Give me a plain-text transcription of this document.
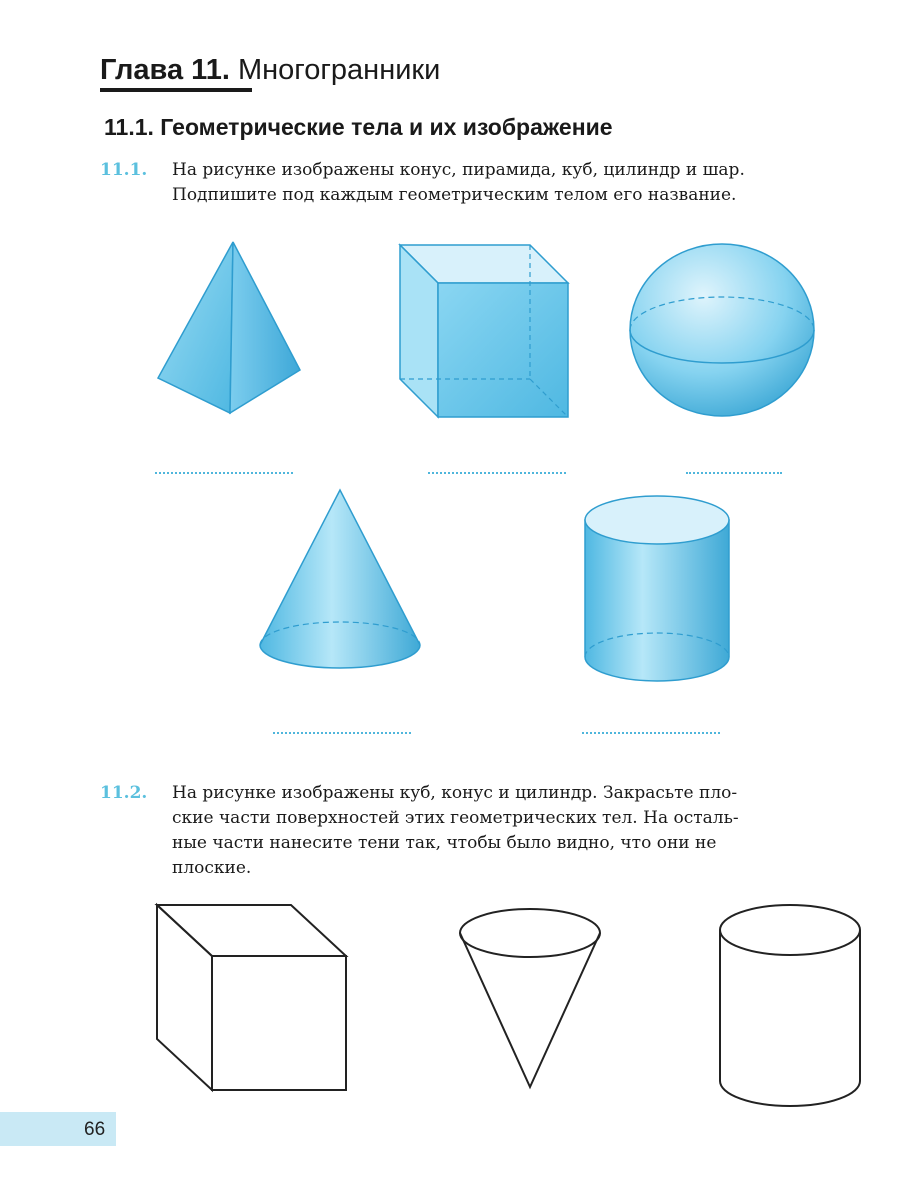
Глава 11. Многогранники
11.1. Геометрические тела и их изображение
11.1. На рисунке изображены конус, пирамида, куб, цилиндр и шар.
Подпишите под каждым геометрическим телом его название.
11.2. На рисунке изображены куб, конус и цилиндр. Закрасьте пло-
ские части поверхностей этих геометрических тел. На осталь-
ные части нанесите тени так, чтобы было видно, что они не
плоские.
66
